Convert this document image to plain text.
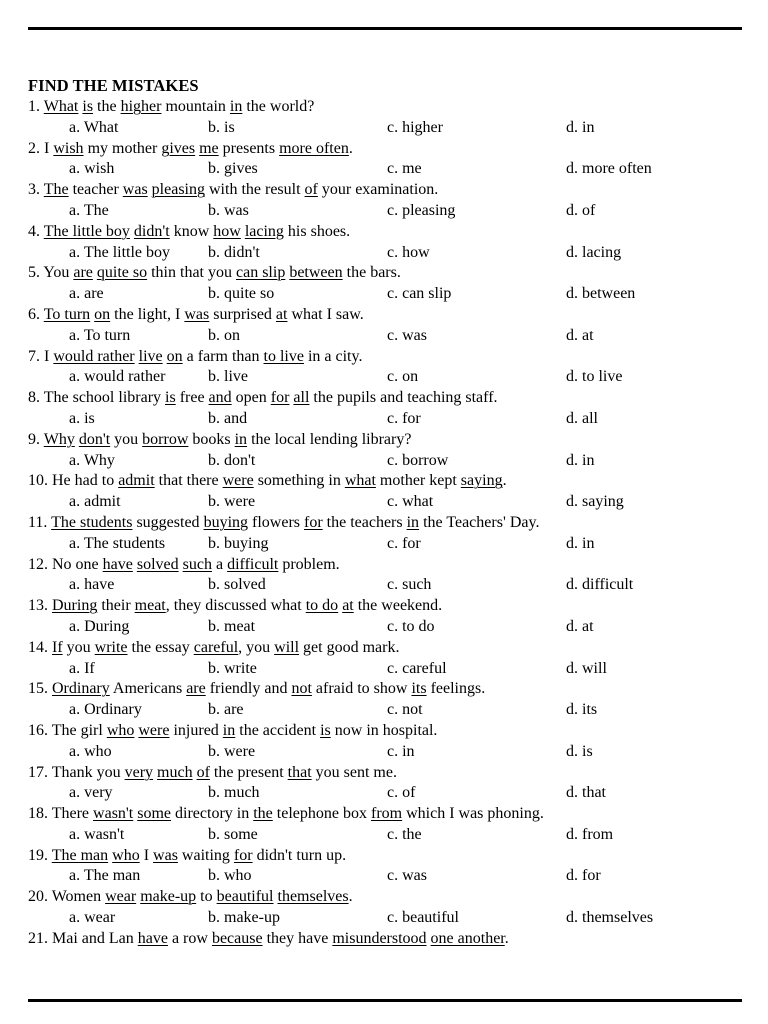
FIND THE MISTAKES
1. What is the higher mountain in the world?
a. What	b. is	c. higher	d. in
2. I wish my mother gives me presents more often.
a. wish	b. gives	c. me	d. more often
3. The teacher was pleasing with the result of your examination.
a. The	b. was	c. pleasing	d. of
4. The little boy didn't know how lacing his shoes.
a. The little boy b. didn't	c. how	d. lacing
5. You are quite so thin that you can slip between the bars.
a. are	b. quite so	c. can slip	d. between
6. To turn on the light, I was surprised at what I saw.
a. To turn	b. on	c. was	d. at
7. I would rather live on a farm than to live in a city.
a. would rather	b. live	c. on	d. to live
8. The school library is free and open for all the pupils and teaching staff.
a. is	b. and	c. for	d. all
9. Why don't you borrow books in the local lending library?
a. Why	b. don't	c. borrow	d. in
10. He had to admit that there were something in what mother kept saying.
a. admit	b. were	c. what	d. saying
11. The students suggested buying flowers for the teachers in the Teachers' Day.
a. The students	b. buying	c. for	d. in
12. No one have solved such a difficult problem.
a. have	b. solved	c. such	d. difficult
13. During their meat, they discussed what to do at the weekend.
a. During	b. meat	c. to do	d. at
14. If you write the essay careful, you will get good mark.
a. If	b. write	c. careful	d. will
15. Ordinary Americans are friendly and not afraid to show its feelings.
a. Ordinary	b. are	c. not	d. its
16. The girl who were injured in the accident is now in hospital.
a. who	b. were	c. in	d. is
17. Thank you very much of the present that you sent me.
a. very	b. much	c. of	d. that
18. There wasn't some directory in the telephone box from which I was phoning.
a. wasn't	b. some	c. the	d. from
19. The man who I was waiting for didn't turn up.
a. The man	b. who	c. was	d. for
20. Women wear make-up to beautiful themselves.
a. wear	b. make-up	c. beautiful	d. themselves
21. Mai and Lan have a row because they have misunderstood one another.
